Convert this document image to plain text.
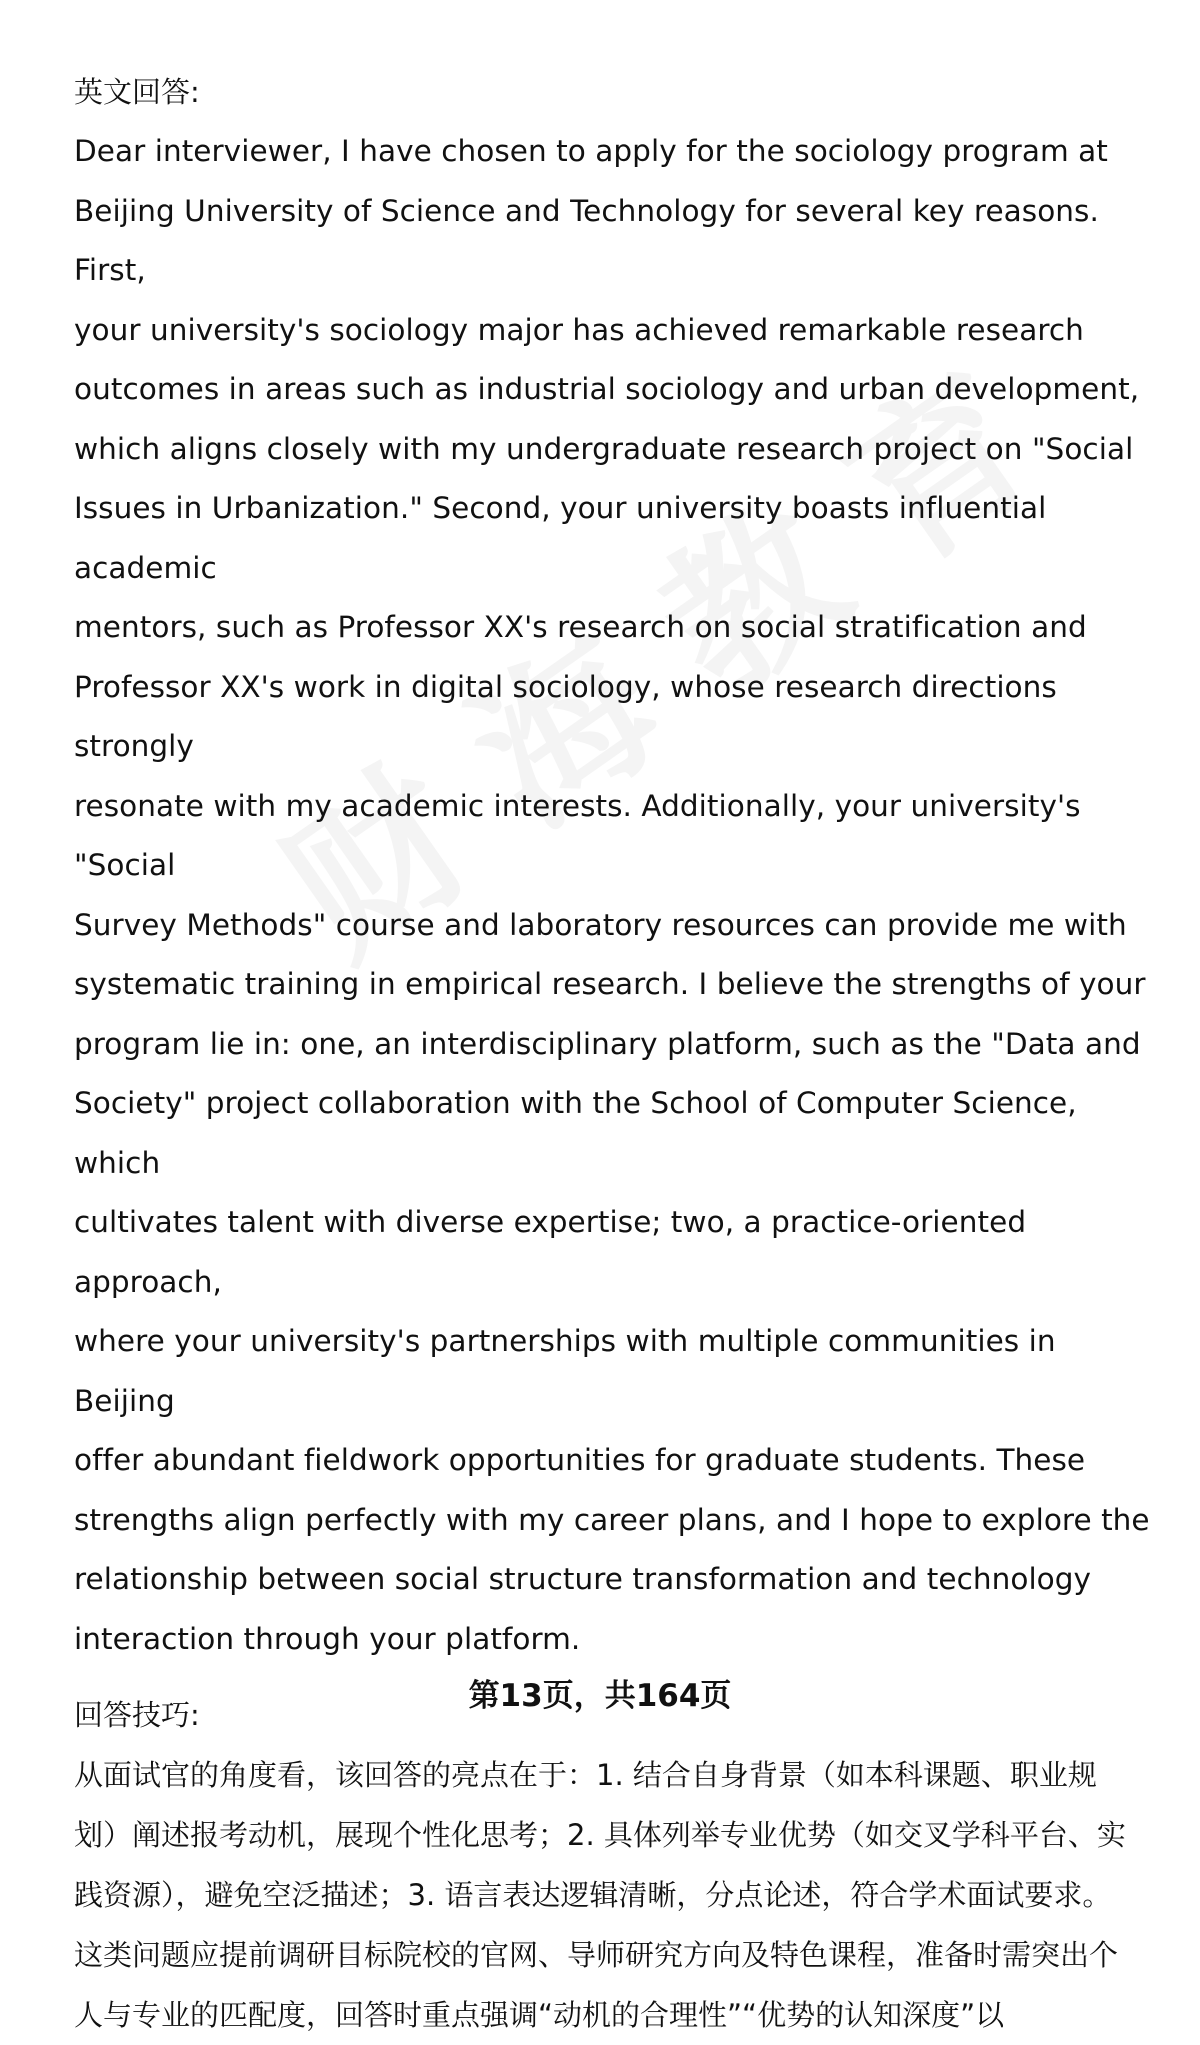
英文回答:

Dear interviewer, I have chosen to apply for the sociology program at

Beijing University of Science and Technology for several key reasons. First,

your university's sociology major has achieved remarkable research

outcomes in areas such as industrial sociology and urban development,

which aligns closely with my undergraduate research project on "Social

Issues in Urbanization." Second, your university boasts influential academic

mentors, such as Professor XX's research on social stratification and

Professor XX's work in digital sociology, whose research directions strongly

resonate with my academic interests. Additionally, your university's "Social

Survey Methods" course and laboratory resources can provide me with

systematic training in empirical research. I believe the strengths of your

program lie in: one, an interdisciplinary platform, such as the "Data and

Society" project collaboration with the School of Computer Science, which

cultivates talent with diverse expertise; two, a practice-oriented approach,

where your university's partnerships with multiple communities in Beijing

offer abundant fieldwork opportunities for graduate students. These

strengths align perfectly with my career plans, and I hope to explore the

relationship between social structure transformation and technology

interaction through your platform.

回答技巧:

从面试官的角度看，该回答的亮点在于：1. 结合自身背景（如本科课题、职业规

划）阐述报考动机，展现个性化思考；2. 具体列举专业优势（如交叉学科平台、实

践资源），避免空泛描述；3. 语言表达逻辑清晰，分点论述，符合学术面试要求。

这类问题应提前调研目标院校的官网、导师研究方向及特色课程，准备时需突出个

人与专业的匹配度，回答时重点强调“动机的合理性”“优势的认知深度”以

第13页，共164页
